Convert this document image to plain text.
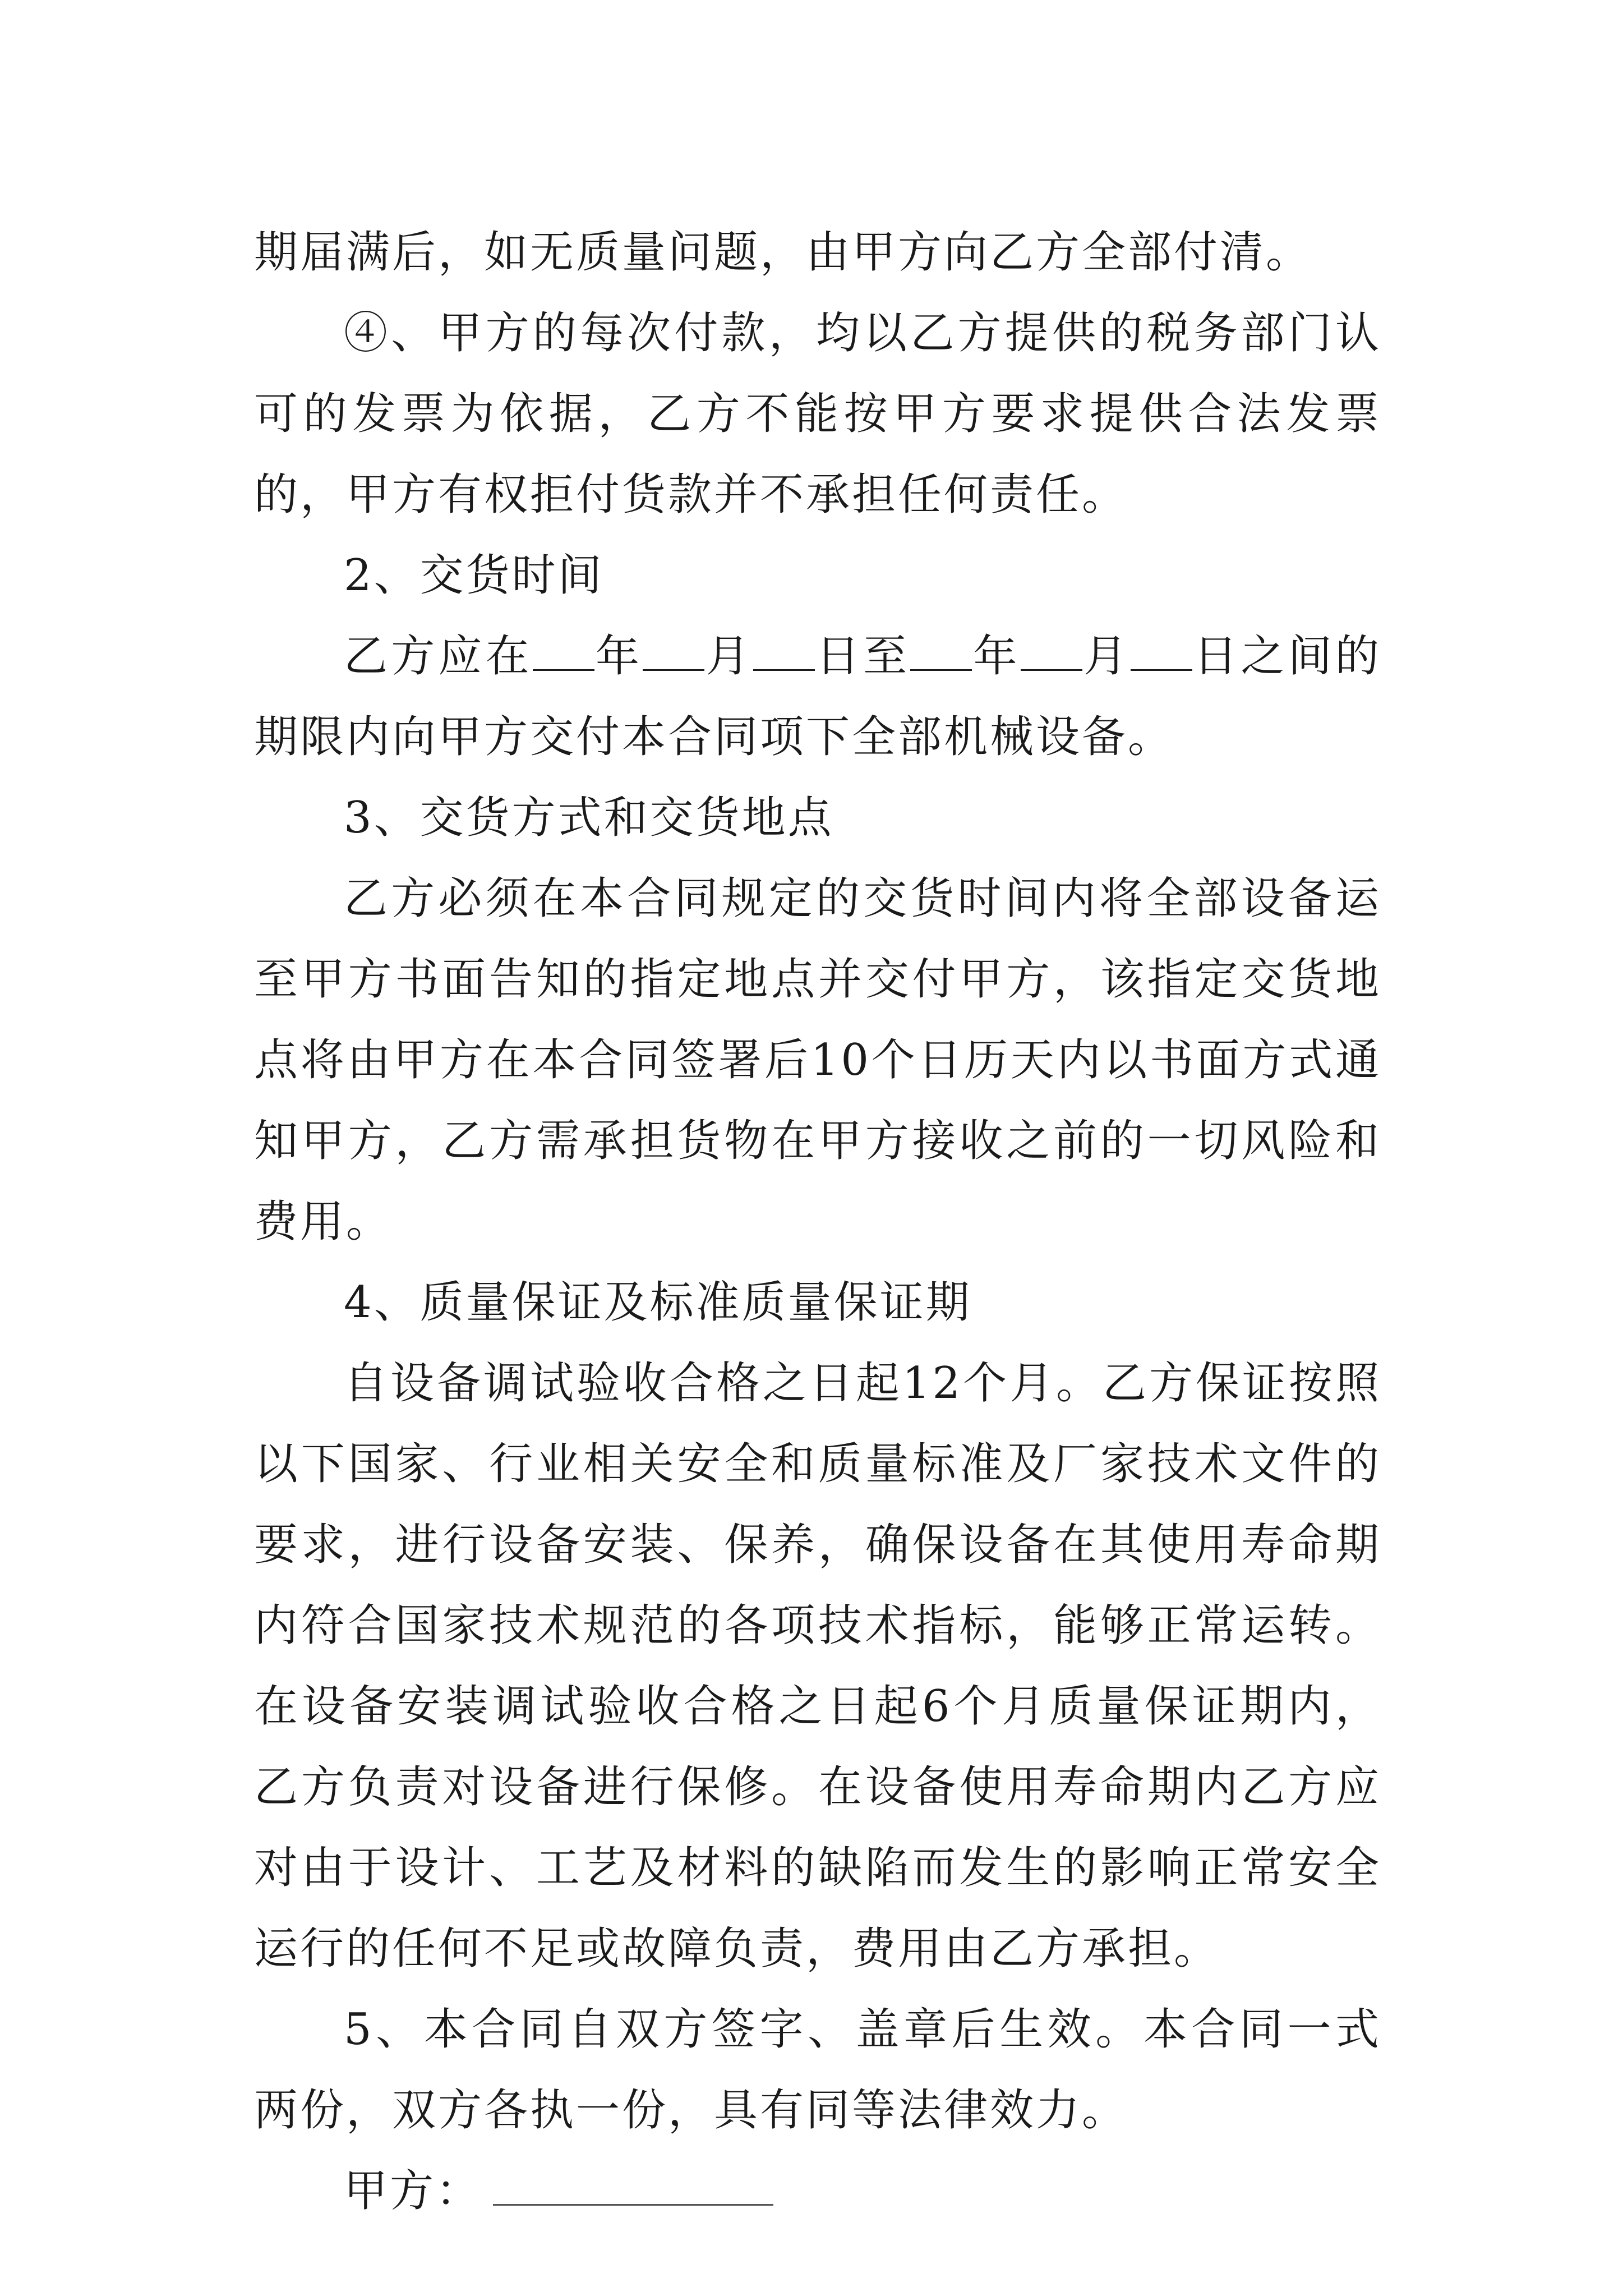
期届满后，如无质量问题，由甲方向乙方全部付清。

④、甲方的每次付款，均以乙方提供的税务部门认可的发票为依据，乙方不能按甲方要求提供合法发票的，甲方有权拒付货款并不承担任何责任。

2、交货时间

乙方应在 年 月 日至 年 月 日之间的期限内向甲方交付本合同项下全部机械设备。

3、交货方式和交货地点

乙方必须在本合同规定的交货时间内将全部设备运至甲方书面告知的指定地点并交付甲方，该指定交货地点将由甲方在本合同签署后10个日历天内以书面方式通知甲方，乙方需承担货物在甲方接收之前的一切风险和费用。

4、质量保证及标准质量保证期

自设备调试验收合格之日起12个月。乙方保证按照以下国家、行业相关安全和质量标准及厂家技术文件的要求，进行设备安装、保养，确保设备在其使用寿命期内符合国家技术规范的各项技术指标，能够正常运转。在设备安装调试验收合格之日起6个月质量保证期内，乙方负责对设备进行保修。在设备使用寿命期内乙方应对由于设计、工艺及材料的缺陷而发生的影响正常安全运行的任何不足或故障负责，费用由乙方承担。

5、本合同自双方签字、盖章后生效。本合同一式两份，双方各执一份，具有同等法律效力。

甲方：
